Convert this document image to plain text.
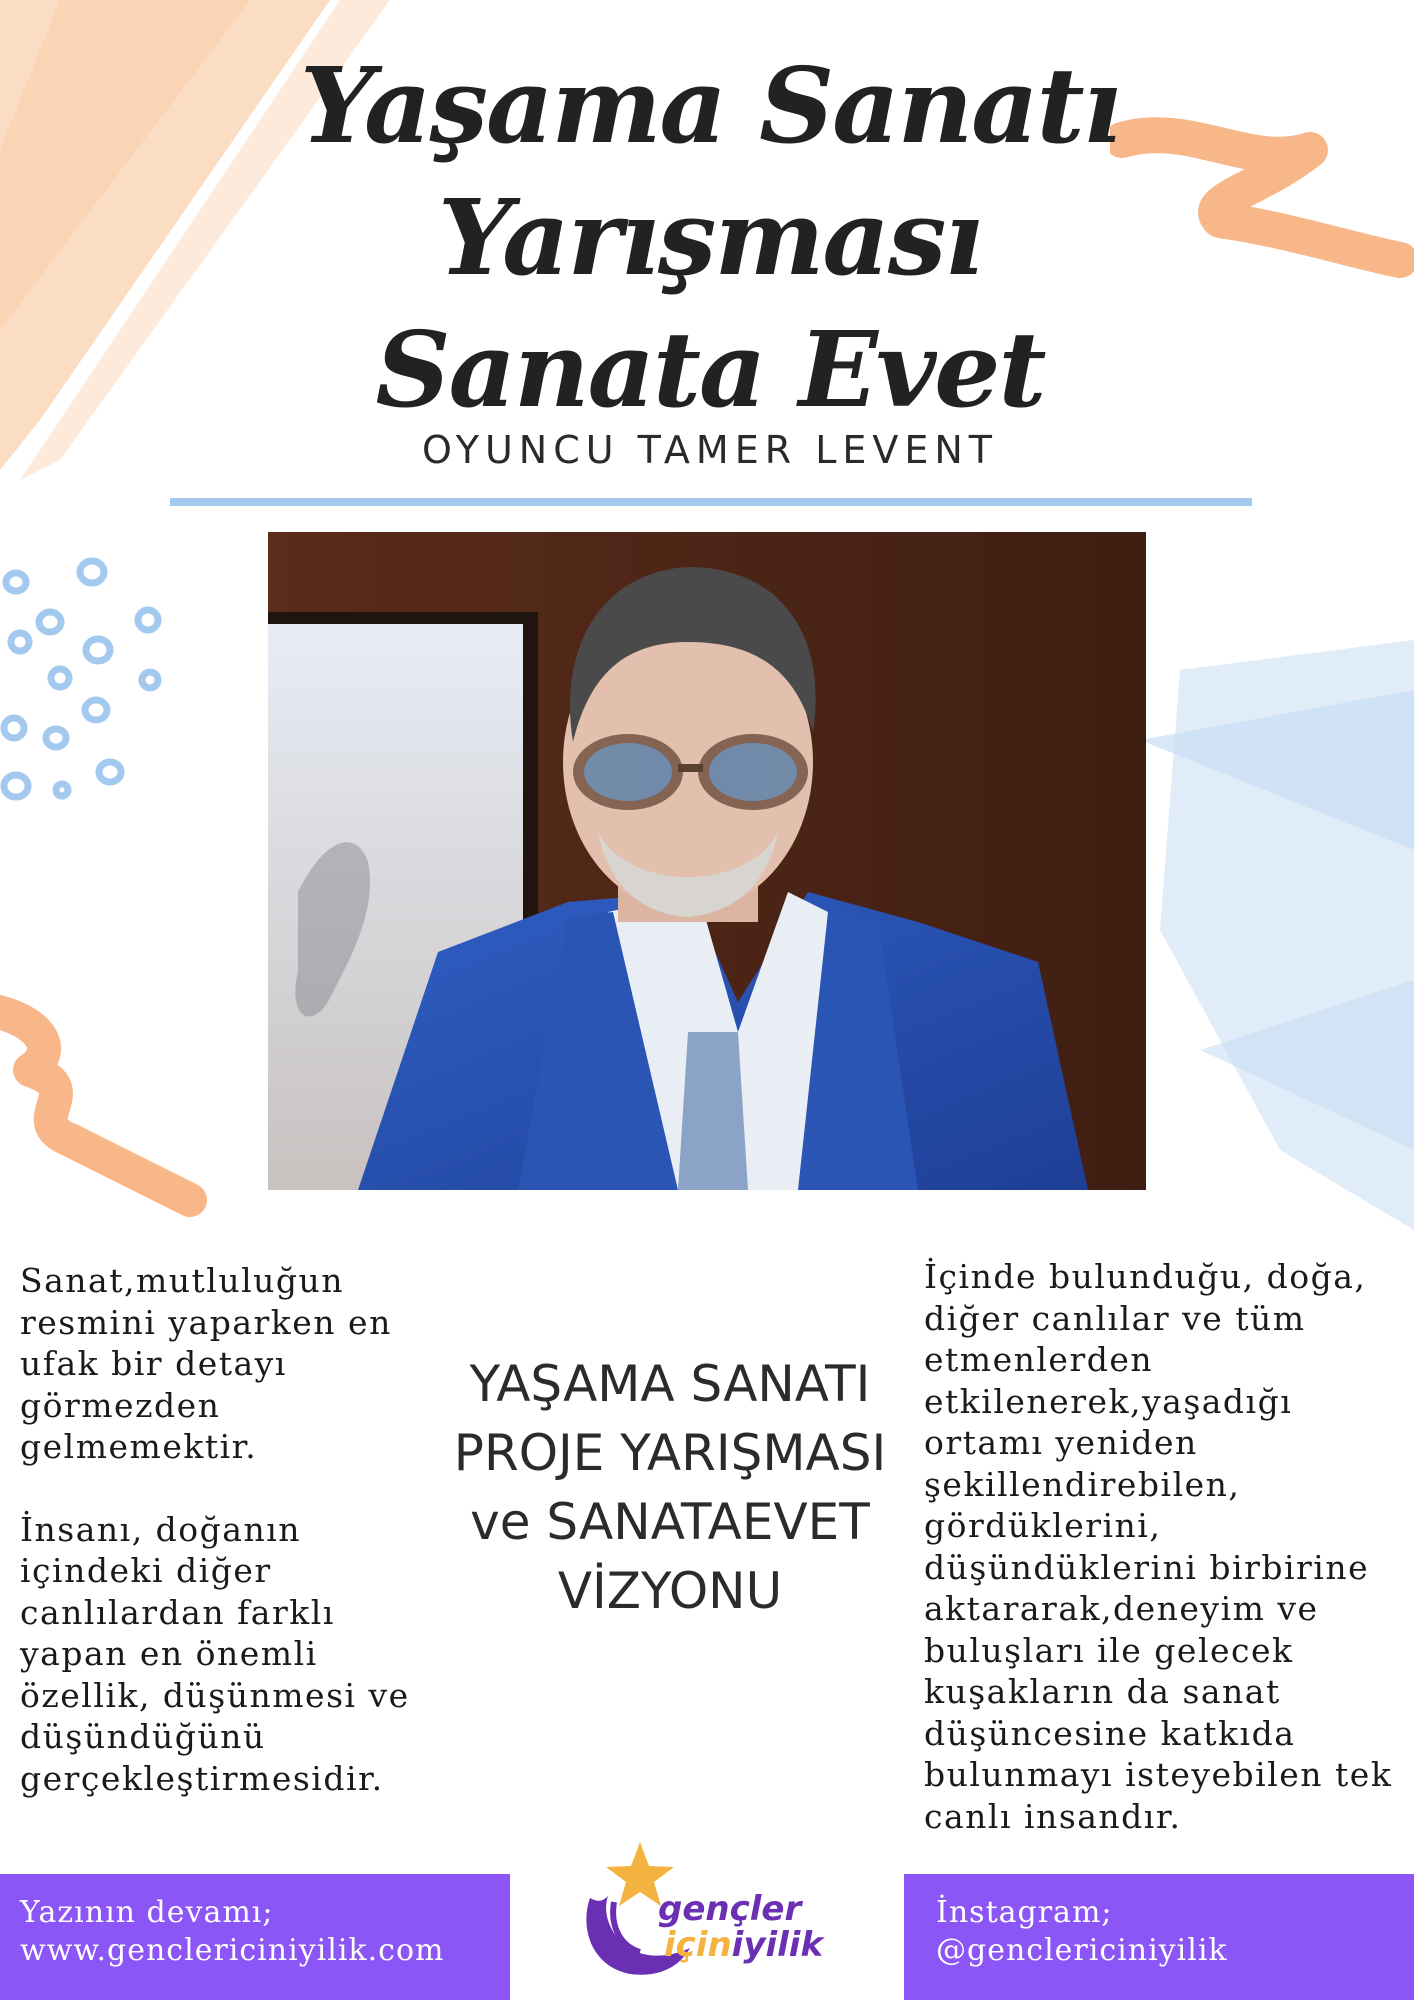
Yaşama Sanatı
Yarışması
Sanata Evet
OYUNCU TAMER LEVENT

Sanat,mutluluğun resmini yaparken en ufak bir detayı görmezden gelmemektir.

İnsanı, doğanın içindeki diğer canlılardan farklı yapan en önemli özellik, düşünmesi ve düşündüğünü gerçekleştirmesidir.

YAŞAMA SANATI PROJE YARIŞMASI ve SANATAEVET VİZYONU

İçinde bulunduğu, doğa, diğer canlılar ve tüm etmenlerden etkilenerek,yaşadığı ortamı yeniden şekillendirebilen, gördüklerini, düşündüklerini birbirine aktararak,deneyim ve buluşları ile gelecek kuşakların da sanat düşüncesine katkıda bulunmayı isteyebilen tek canlı insandır.

Yazının devamı;
www.genclericiniyilik.com
İnstagram;
@genclericiniyilik
gençler
içiniyilik
